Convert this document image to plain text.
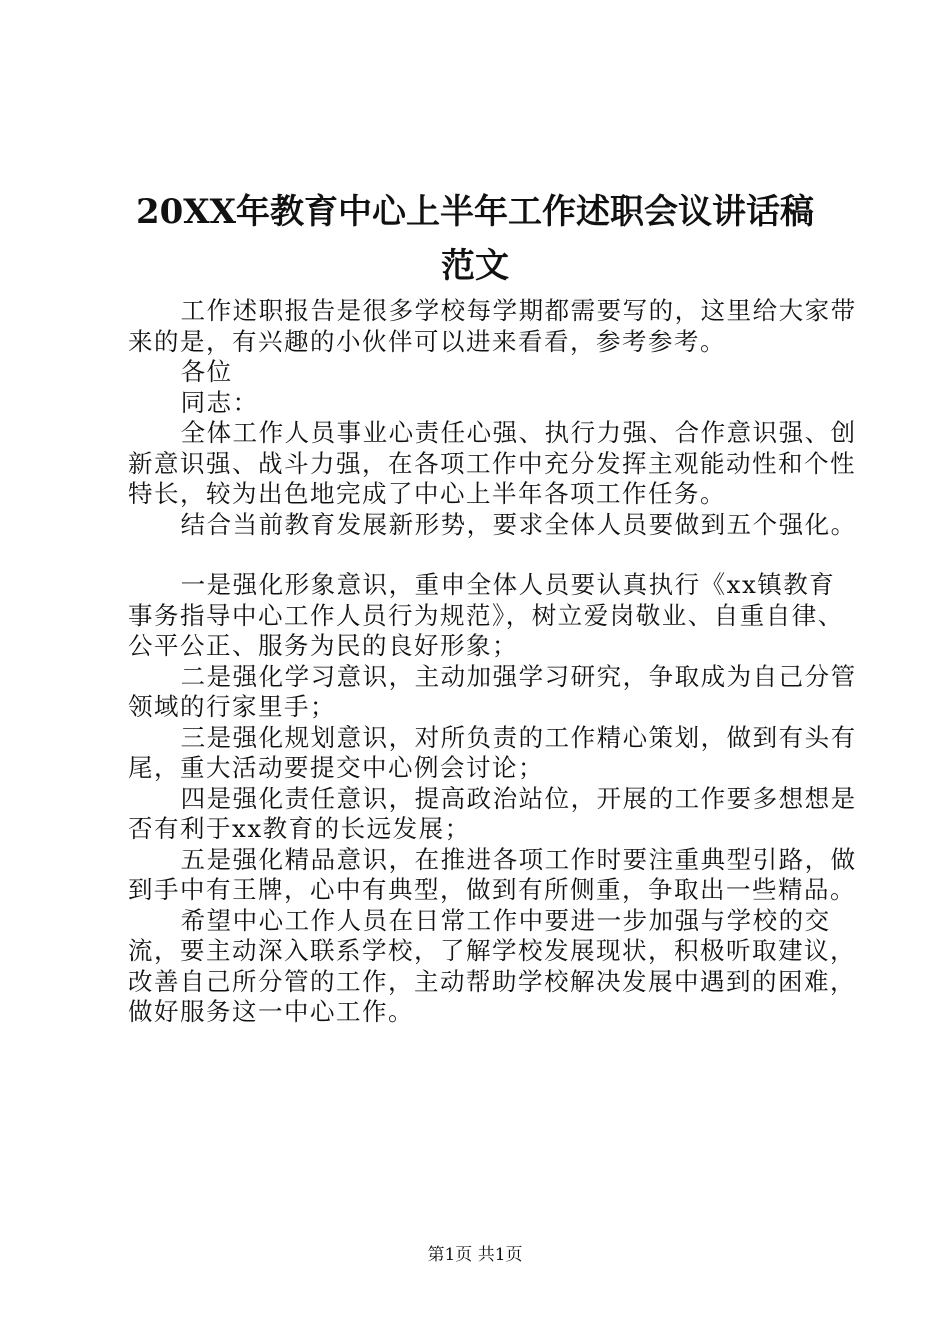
20XX年教育中心上半年工作述职会议讲话稿
范文

工作述职报告是很多学校每学期都需要写的，这里给大家带来的是，有兴趣的小伙伴可以进来看看，参考参考。

各位

同志：

全体工作人员事业心责任心强、执行力强、合作意识强、创新意识强、战斗力强，在各项工作中充分发挥主观能动性和个性特长，较为出色地完成了中心上半年各项工作任务。

结合当前教育发展新形势，要求全体人员要做到五个强化。

一是强化形象意识，重申全体人员要认真执行《xx镇教育事务指导中心工作人员行为规范》，树立爱岗敬业、自重自律、公平公正、服务为民的良好形象；

二是强化学习意识，主动加强学习研究，争取成为自己分管领域的行家里手；

三是强化规划意识，对所负责的工作精心策划，做到有头有尾，重大活动要提交中心例会讨论；

四是强化责任意识，提高政治站位，开展的工作要多想想是否有利于xx教育的长远发展；

五是强化精品意识，在推进各项工作时要注重典型引路，做到手中有王牌，心中有典型，做到有所侧重，争取出一些精品。

希望中心工作人员在日常工作中要进一步加强与学校的交流，要主动深入联系学校，了解学校发展现状，积极听取建议，改善自己所分管的工作，主动帮助学校解决发展中遇到的困难，做好服务这一中心工作。

第1页 共1页
